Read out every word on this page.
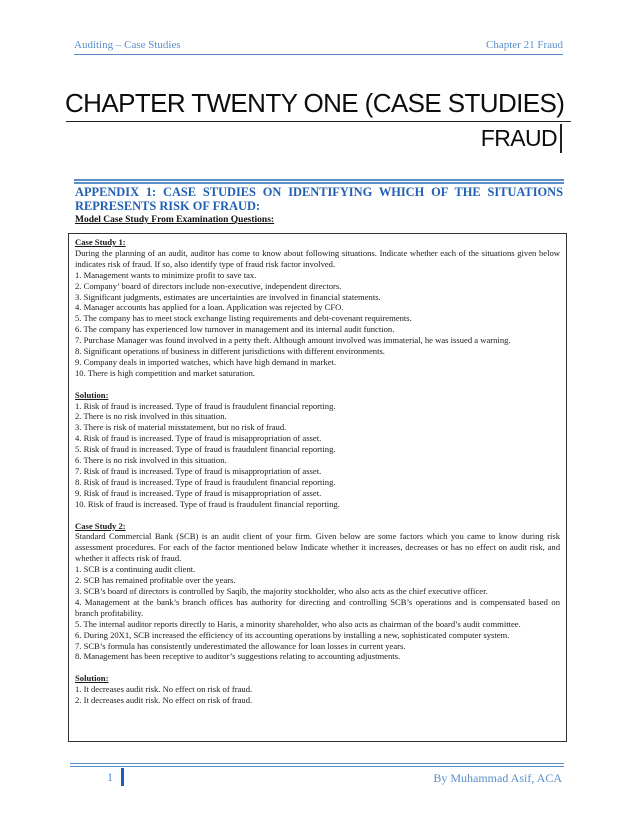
Auditing – Case Studies	Chapter 21 Fraud
CHAPTER TWENTY ONE (CASE STUDIES)
FRAUD
APPENDIX 1: CASE STUDIES ON IDENTIFYING WHICH OF THE SITUATIONS REPRESENTS RISK OF FRAUD:
Model Case Study From Examination Questions:

Case Study 1:

During the planning of an audit, auditor has come to know about following situations. Indicate whether each of the situations given below indicates risk of fraud. If so, also identify type of fraud risk factor involved.

1. Management wants to minimize profit to save tax.

2. Company’ board of directors include non-executive, independent directors.

3. Significant judgments, estimates are uncertainties are involved in financial statements.

4. Manager accounts has applied for a loan. Application was rejected by CFO.

5. The company has to meet stock exchange listing requirements and debt-covenant requirements.

6. The company has experienced low turnover in management and its internal audit function.

7. Purchase Manager was found involved in a petty theft. Although amount involved was immaterial, he was issued a warning.

8. Significant operations of business in different jurisdictions with different environments.

9. Company deals in imported watches, which have high demand in market.

10. There is high competition and market saturation.

Solution:

1. Risk of fraud is increased. Type of fraud is fraudulent financial reporting.

2. There is no risk involved in this situation.

3. There is risk of material misstatement, but no risk of fraud.

4. Risk of fraud is increased. Type of fraud is misappropriation of asset.

5. Risk of fraud is increased. Type of fraud is fraudulent financial reporting.

6. There is no risk involved in this situation.

7. Risk of fraud is increased. Type of fraud is misappropriation of asset.

8. Risk of fraud is increased. Type of fraud is fraudulent financial reporting.

9. Risk of fraud is increased. Type of fraud is misappropriation of asset.

10. Risk of fraud is increased. Type of fraud is fraudulent financial reporting.

Case Study 2:

Standard Commercial Bank (SCB) is an audit client of your firm. Given below are some factors which you came to know during risk assessment procedures. For each of the factor mentioned below Indicate whether it increases, decreases or has no effect on audit risk, and whether it affects risk of fraud.

1. SCB is a continuing audit client.

2. SCB has remained profitable over the years.

3. SCB’s board of directors is controlled by Saqib, the majority stockholder, who also acts as the chief executive officer.

4. Management at the bank’s branch offices has authority for directing and controlling SCB’s operations and is compensated based on branch profitability.

5. The internal auditor reports directly to Haris, a minority shareholder, who also acts as chairman of the board’s audit committee.

6. During 20X1, SCB increased the efficiency of its accounting operations by installing a new, sophisticated computer system.

7. SCB’s formula has consistently underestimated the allowance for loan losses in current years.

8. Management has been receptive to auditor’s suggestions relating to accounting adjustments.

Solution:

1. It decreases audit risk. No effect on risk of fraud.

2. It decreases audit risk. No effect on risk of fraud.

1	By Muhammad Asif, ACA
